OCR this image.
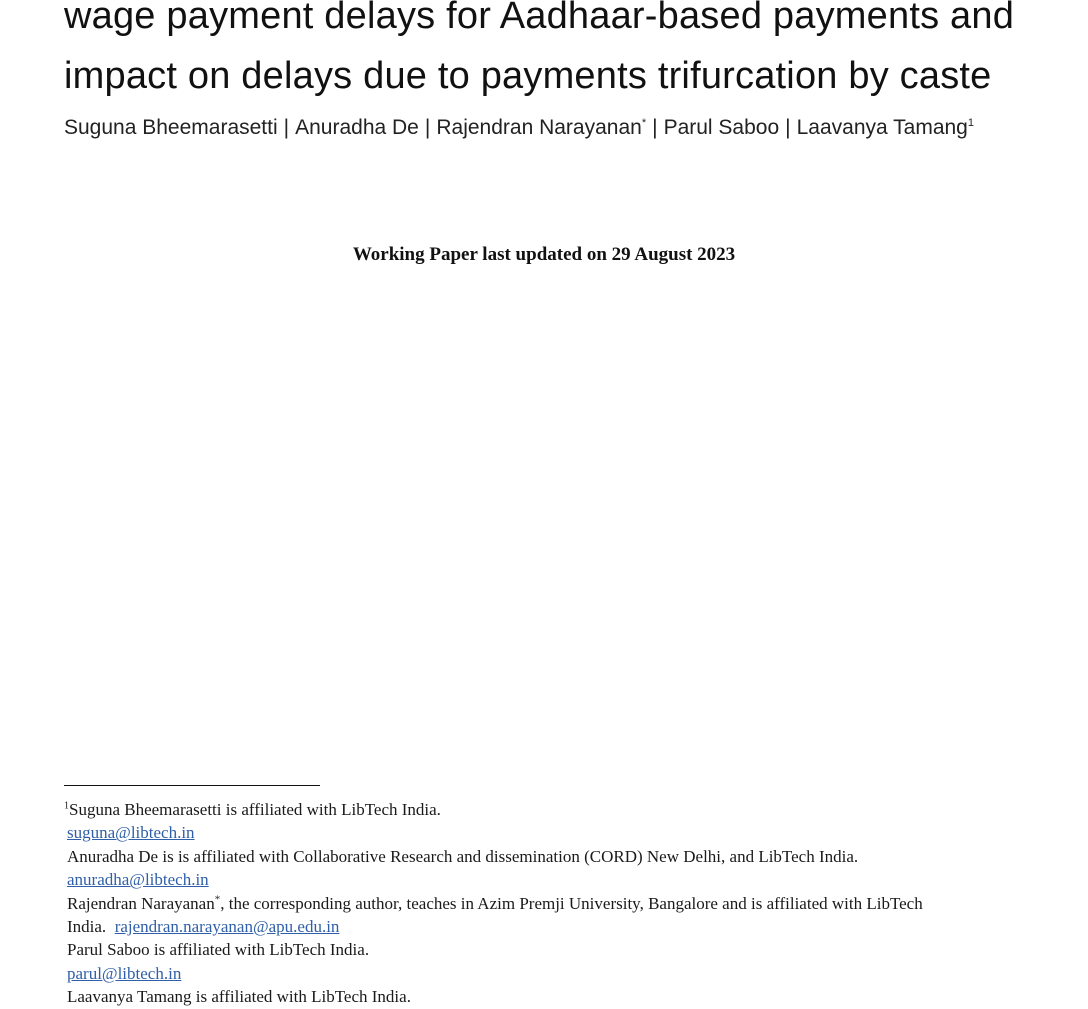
wage payment delays for Aadhaar-based payments and
impact on delays due to payments trifurcation by caste
Suguna Bheemarasetti | Anuradha De | Rajendran Narayanan* | Parul Saboo | Laavanya Tamang$^1$
Working Paper last updated on 29 August 2023

$^1$Suguna Bheemarasetti is affiliated with LibTech India.

suguna@libtech.in

Anuradha De is is affiliated with Collaborative Research and dissemination (CORD) New Delhi, and LibTech India.

anuradha@libtech.in

Rajendran Narayanan*, the corresponding author, teaches in Azim Premji University, Bangalore and is affiliated with LibTech

India. rajendran.narayanan@apu.edu.in

Parul Saboo is affiliated with LibTech India.

parul@libtech.in

Laavanya Tamang is affiliated with LibTech India.
